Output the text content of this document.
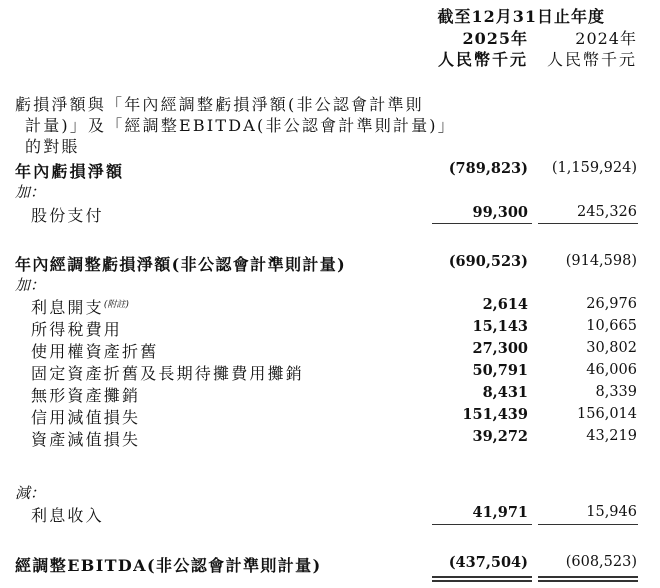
截至12月31日止年度
2025年	2024年
人民幣千元 人民幣千元
虧損淨額與「年內經調整虧損淨額(非公認會計準則
計量)」及「經調整EBITDA(非公認會計準則計量)」
的對賬
年內虧損淨額	(789,823) (1,159,924)
加：
股份支付	99,300	245,326
年內經調整虧損淨額(非公認會計準則計量)	(690,523)	(914,598)
加：
利息開支$^{(附註)}$	2,614	26,976
所得稅費用	15,143	10,665
使用權資產折舊	27,300	30,802
固定資產折舊及長期待攤費用攤銷	50,791	46,006
無形資產攤銷	8,431	8,339
信用減值損失	151,439	156,014
資產減值損失	39,272	43,219
減：
利息收入	41,971	15,946
經調整EBITDA(非公認會計準則計量)	(437,504)	(608,523)
